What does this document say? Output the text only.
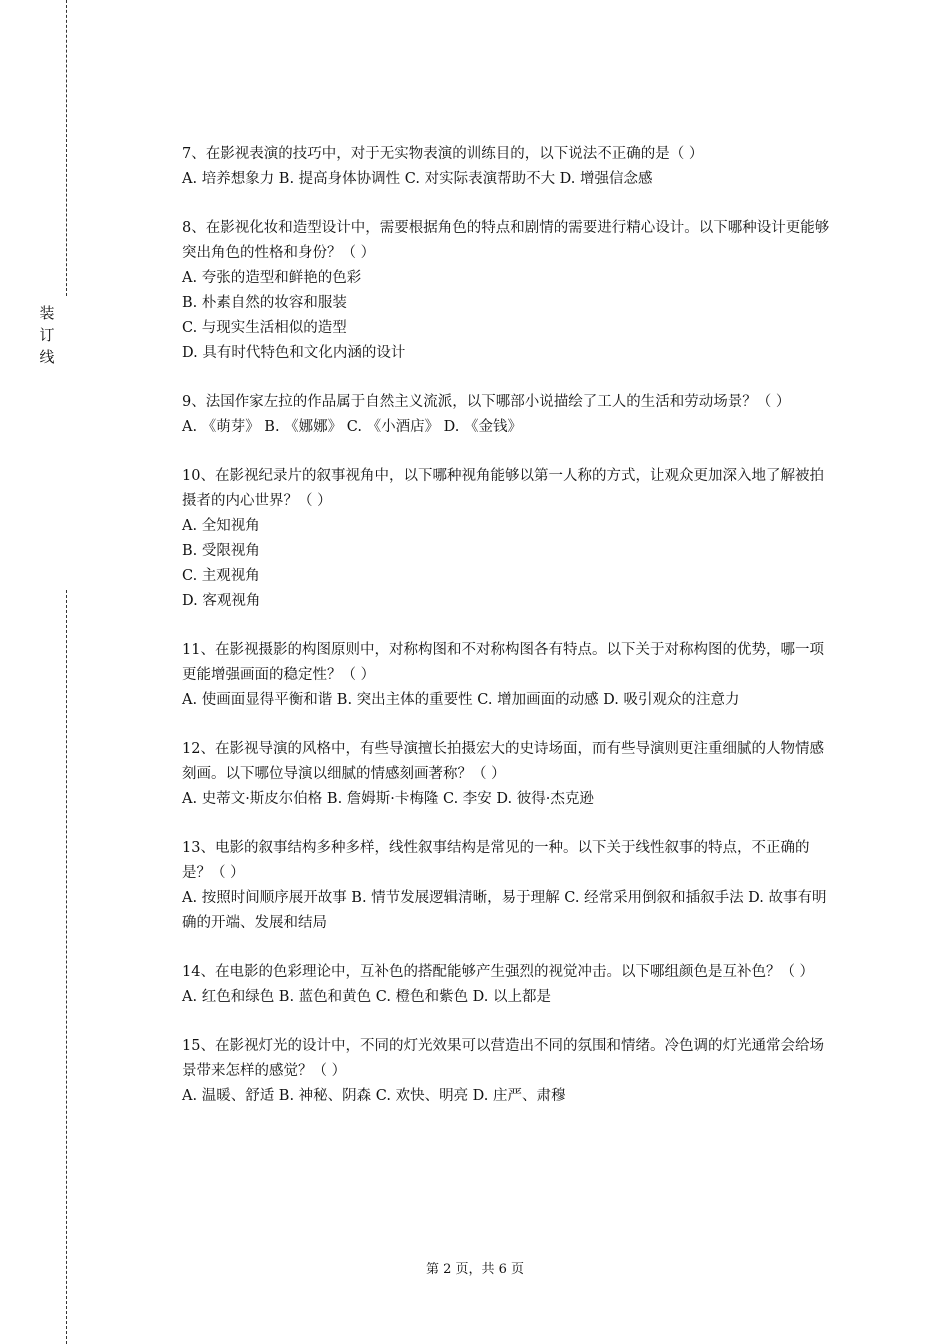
装订线
7、在影视表演的技巧中，对于无实物表演的训练目的，以下说法不正确的是（ ）
A. 培养想象力 B. 提高身体协调性 C. 对实际表演帮助不大 D. 增强信念感
8、在影视化妆和造型设计中，需要根据角色的特点和剧情的需要进行精心设计。以下哪种设计更能够突出角色的性格和身份？（ ）
A. 夸张的造型和鲜艳的色彩
B. 朴素自然的妆容和服装
C. 与现实生活相似的造型
D. 具有时代特色和文化内涵的设计
9、法国作家左拉的作品属于自然主义流派，以下哪部小说描绘了工人的生活和劳动场景？（ ）
A. 《萌芽》 B. 《娜娜》 C. 《小酒店》 D. 《金钱》
10、在影视纪录片的叙事视角中，以下哪种视角能够以第一人称的方式，让观众更加深入地了解被拍摄者的内心世界？（ ）
A. 全知视角
B. 受限视角
C. 主观视角
D. 客观视角
11、在影视摄影的构图原则中，对称构图和不对称构图各有特点。以下关于对称构图的优势，哪一项更能增强画面的稳定性？（ ）
A. 使画面显得平衡和谐 B. 突出主体的重要性 C. 增加画面的动感 D. 吸引观众的注意力
12、在影视导演的风格中，有些导演擅长拍摄宏大的史诗场面，而有些导演则更注重细腻的人物情感刻画。以下哪位导演以细腻的情感刻画著称？（ ）
A. 史蒂文·斯皮尔伯格 B. 詹姆斯·卡梅隆 C. 李安 D. 彼得·杰克逊
13、电影的叙事结构多种多样，线性叙事结构是常见的一种。以下关于线性叙事的特点，不正确的是？（ ）
A. 按照时间顺序展开故事 B. 情节发展逻辑清晰，易于理解 C. 经常采用倒叙和插叙手法 D. 故事有明确的开端、发展和结局
14、在电影的色彩理论中，互补色的搭配能够产生强烈的视觉冲击。以下哪组颜色是互补色？（ ）
A. 红色和绿色 B. 蓝色和黄色 C. 橙色和紫色 D. 以上都是
15、在影视灯光的设计中，不同的灯光效果可以营造出不同的氛围和情绪。冷色调的灯光通常会给场景带来怎样的感觉？（ ）
A. 温暖、舒适 B. 神秘、阴森 C. 欢快、明亮 D. 庄严、肃穆
第 2 页，共 6 页
